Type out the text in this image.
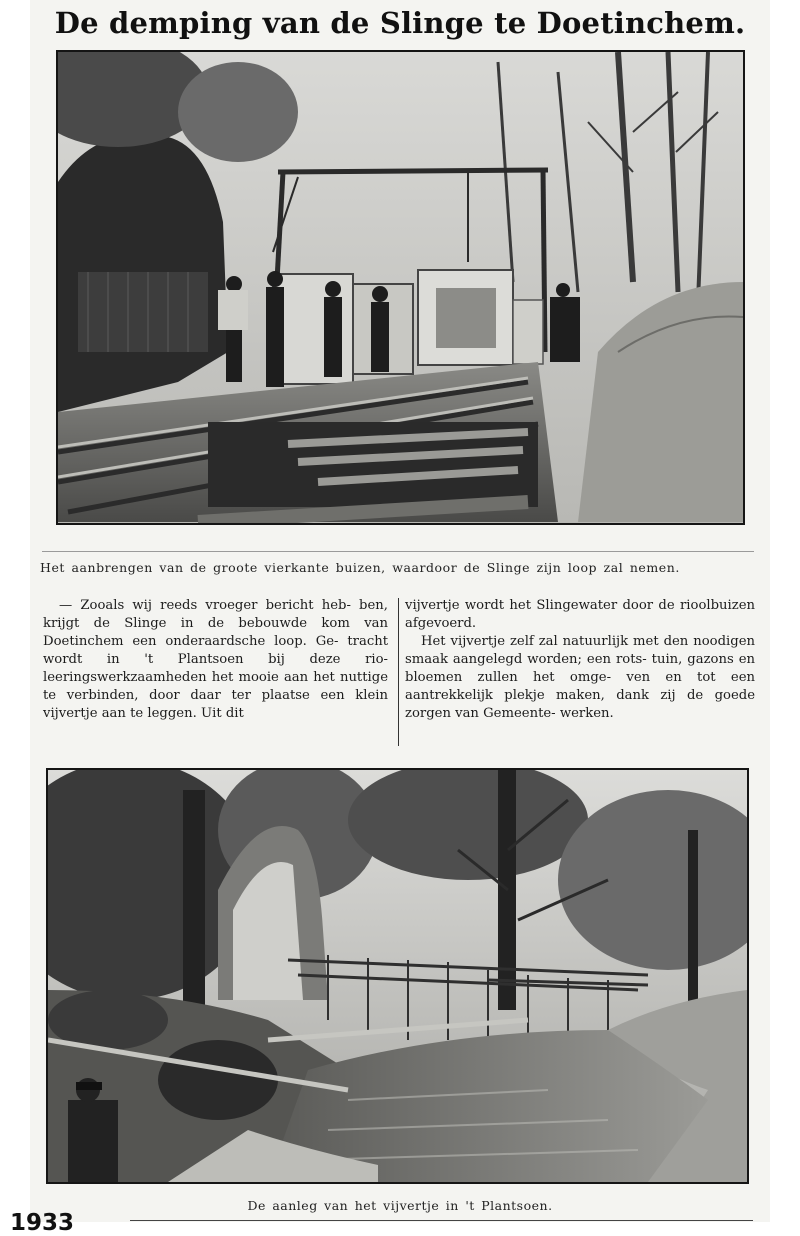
De demping van de Slinge te Doetinchem.
Het aanbrengen van de groote vierkante buizen, waardoor de Slinge zijn loop zal nemen.

— Zooals wij reeds vroeger bericht heb- ben, krijgt de Slinge in de bebouwde kom van Doetinchem een onderaardsche loop. Ge- tracht wordt in 't Plantsoen bij deze rio- leeringswerkzaamheden het mooie aan het nuttige te verbinden, door daar ter plaatse een klein vijvertje aan te leggen. Uit dit

vijvertje wordt het Slingewater door de rioolbuizen afgevoerd.

Het vijvertje zelf zal natuurlijk met den noodigen smaak aangelegd worden; een rots- tuin, gazons en bloemen zullen het omge- ven en tot een aantrekkelijk plekje maken, dank zij de goede zorgen van Gemeente- werken.

De aanleg van het vijvertje in 't Plantsoen.
1933
